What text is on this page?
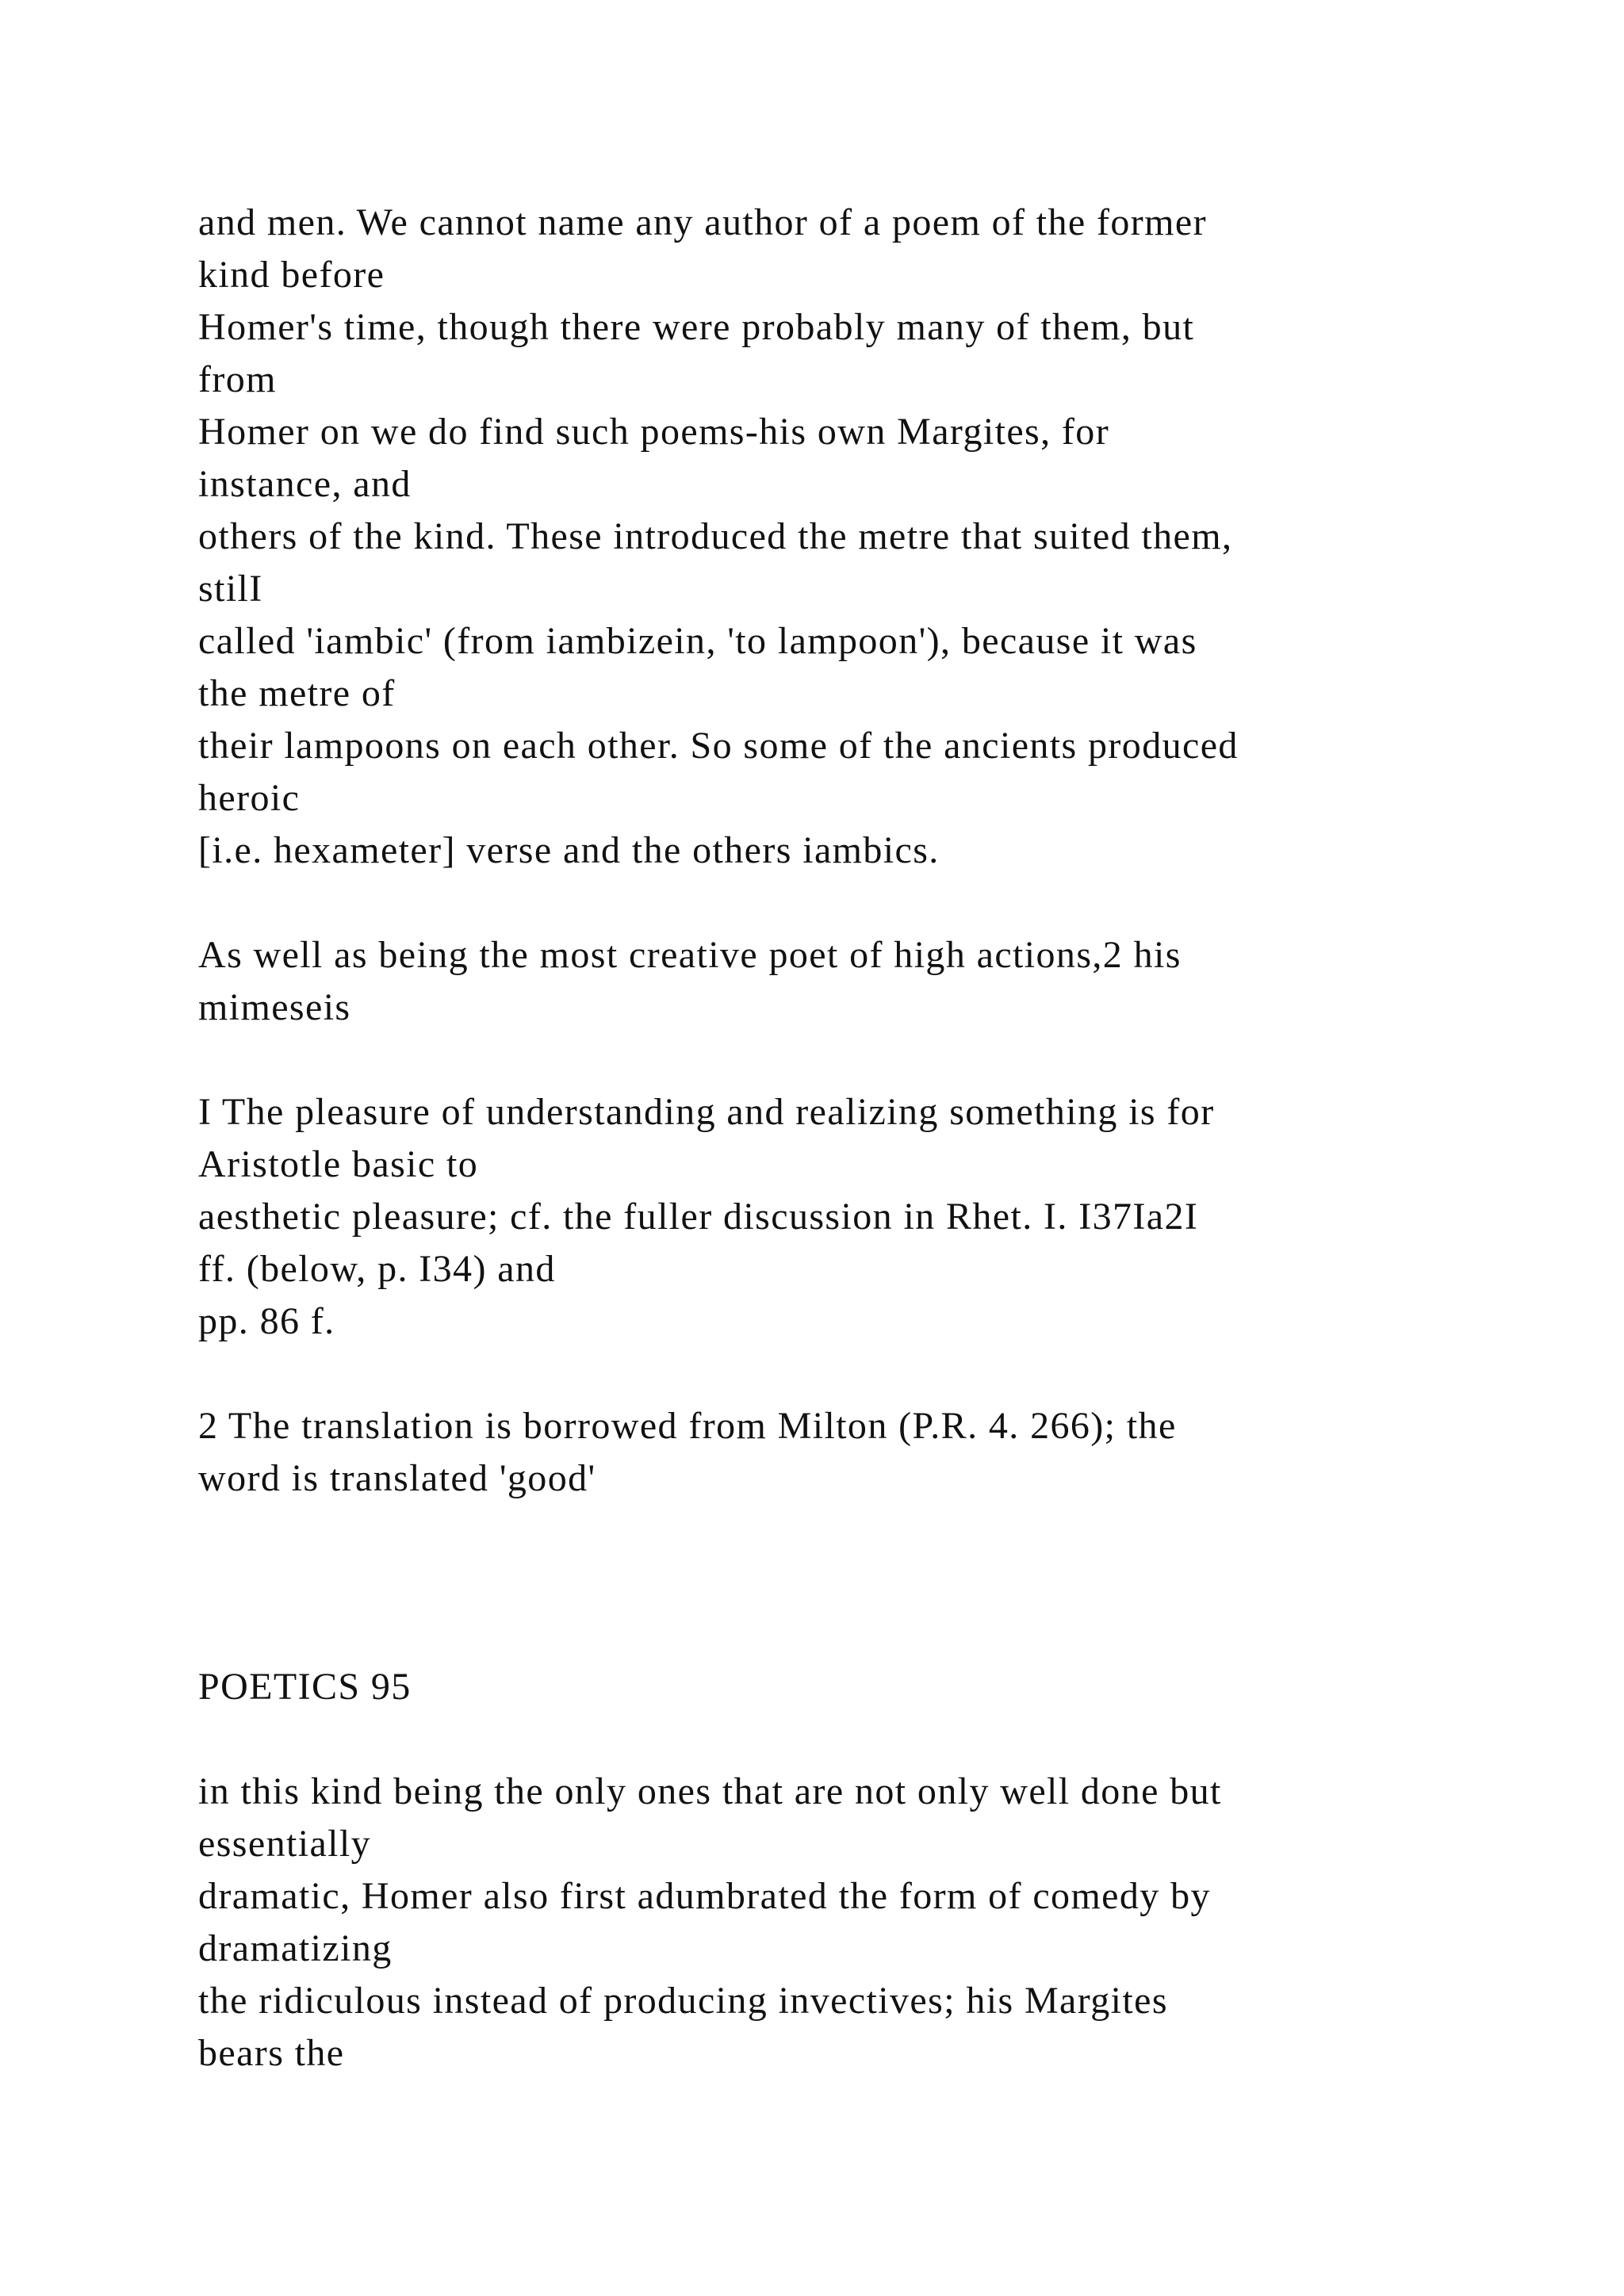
and men. We cannot name any author of a poem of the former

kind before

Homer's time, though there were probably many of them, but

from

Homer on we do find such poems-his own Margites, for

instance, and

others of the kind. These introduced the metre that suited them,

stilI

called 'iambic' (from iambizein, 'to lampoon'), because it was

the metre of

their lampoons on each other. So some of the ancients produced

heroic

[i.e. hexameter] verse and the others iambics.

As well as being the most creative poet of high actions,2 his

mimeseis

I The pleasure of understanding and realizing something is for

Aristotle basic to

aesthetic pleasure; cf. the fuller discussion in Rhet. I. I37Ia2I

ff. (below, p. I34) and

pp. 86 f.

2 The translation is borrowed from Milton (P.R. 4. 266); the

word is translated 'good'

POETICS 95

in this kind being the only ones that are not only well done but

essentially

dramatic, Homer also first adumbrated the form of comedy by

dramatizing

the ridiculous instead of producing invectives; his Margites

bears the
